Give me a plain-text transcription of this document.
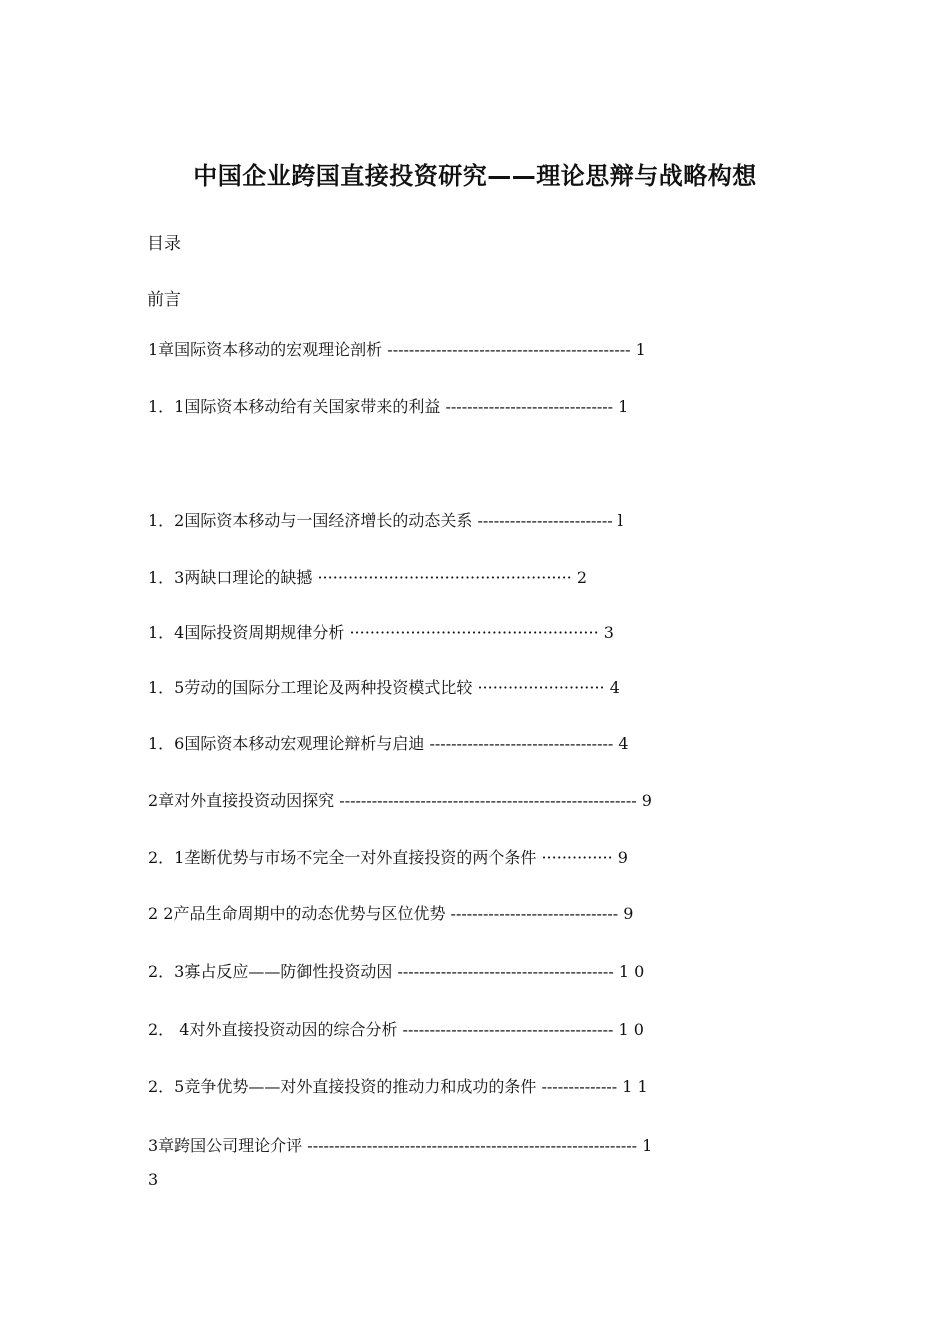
中国企业跨国直接投资研究——理论思辩与战略构想

目录

前言

1章国际资本移动的宏观理论剖析 --------------------------------------------- 1

1．1国际资本移动给有关国家带来的利益 ------------------------------- 1

1．2国际资本移动与一国经济增长的动态关系 ------------------------- l

1．3两缺口理论的缺撼 ·················································· 2

1．4国际投资周期规律分析 ················································· 3

1．5劳动的国际分工理论及两种投资模式比较 ························· 4

1．6国际资本移动宏观理论辩析与启迪 ---------------------------------- 4

2章对外直接投资动因探究 ------------------------------------------------------- 9

2．1垄断优势与市场不完全一对外直接投资的两个条件 ·············· 9

2 2产品生命周期中的动态优势与区位优势 ------------------------------- 9

2．3寡占反应——防御性投资动因 ---------------------------------------- 1 0

2． 4对外直接投资动因的综合分析 --------------------------------------- 1 0

2．5竞争优势——对外直接投资的推动力和成功的条件 -------------- 1 1

3章跨国公司理论介评 ------------------------------------------------------------- 1

3
